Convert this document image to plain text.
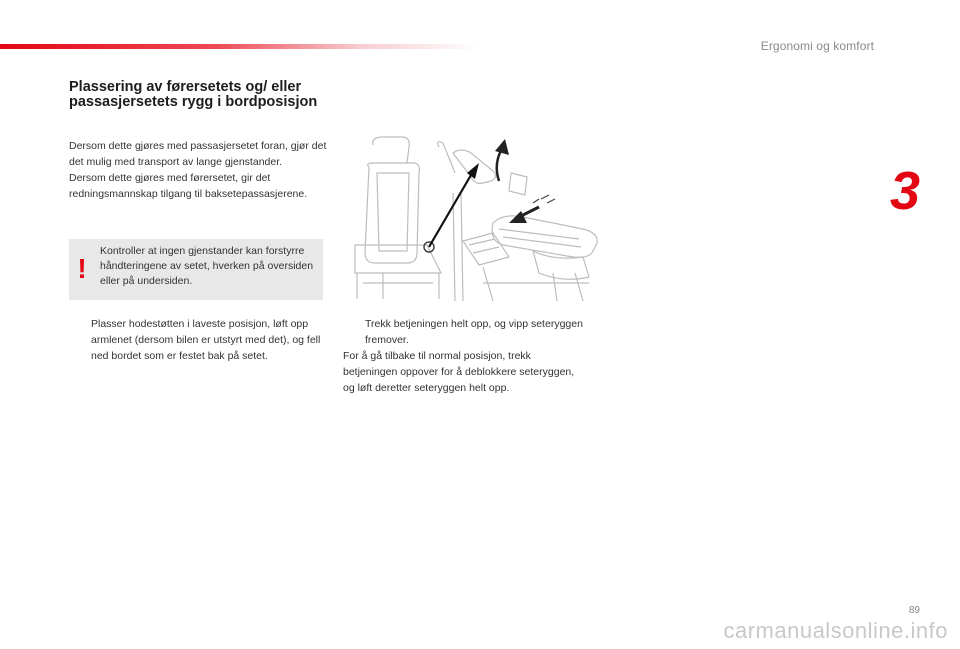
Ergonomi og komfort
3
Plassering av førersetets og/ eller passasjersetets rygg i bordposisjon

Dersom dette gjøres med passasjersetet foran, gjør det det mulig med transport av lange gjenstander.

Dersom dette gjøres med førersetet, gir det redningsmannskap tilgang til baksetepassasjerene.

!
Kontroller at ingen gjenstander kan forstyrre håndteringene av setet, hverken på oversiden eller på undersiden.
Plasser hodestøtten i laveste posisjon, løft opp armlenet (dersom bilen er utstyrt med det), og fell ned bordet som er festet bak på setet.
Trekk betjeningen helt opp, og vipp seteryggen fremover.
For å gå tilbake til normal posisjon, trekk betjeningen oppover for å deblokkere seteryggen, og løft deretter seteryggen helt opp.
89
carmanualsonline.info
